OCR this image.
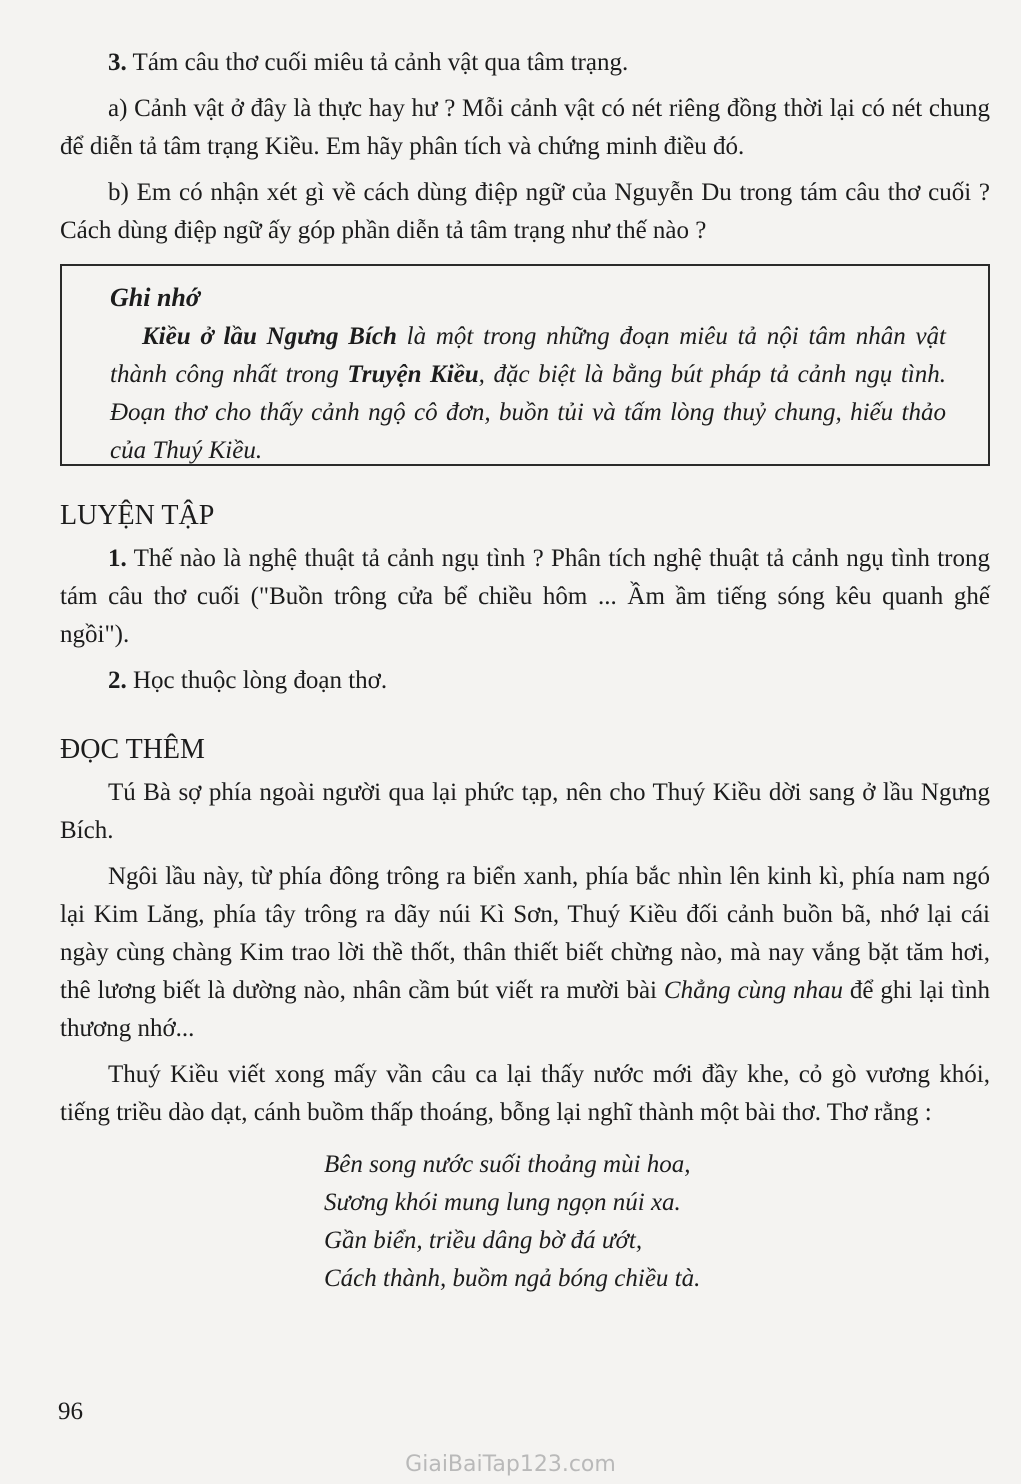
3. Tám câu thơ cuối miêu tả cảnh vật qua tâm trạng.

a) Cảnh vật ở đây là thực hay hư ? Mỗi cảnh vật có nét riêng đồng thời lại có nét chung để diễn tả tâm trạng Kiều. Em hãy phân tích và chứng minh điều đó.

b) Em có nhận xét gì về cách dùng điệp ngữ của Nguyễn Du trong tám câu thơ cuối ? Cách dùng điệp ngữ ấy góp phần diễn tả tâm trạng như thế nào ?

Ghi nhớ
Kiều ở lầu Ngưng Bích là một trong những đoạn miêu tả nội tâm nhân vật thành công nhất trong Truyện Kiều, đặc biệt là bằng bút pháp tả cảnh ngụ tình. Đoạn thơ cho thấy cảnh ngộ cô đơn, buồn tủi và tấm lòng thuỷ chung, hiếu thảo của Thuý Kiều.
LUYỆN TẬP

1. Thế nào là nghệ thuật tả cảnh ngụ tình ? Phân tích nghệ thuật tả cảnh ngụ tình trong tám câu thơ cuối ("Buồn trông cửa bể chiều hôm ... Ầm ầm tiếng sóng kêu quanh ghế ngồi").

2. Học thuộc lòng đoạn thơ.

ĐỌC THÊM

Tú Bà sợ phía ngoài người qua lại phức tạp, nên cho Thuý Kiều dời sang ở lầu Ngưng Bích.

Ngôi lầu này, từ phía đông trông ra biển xanh, phía bắc nhìn lên kinh kì, phía nam ngó lại Kim Lăng, phía tây trông ra dãy núi Kì Sơn, Thuý Kiều đối cảnh buồn bã, nhớ lại cái ngày cùng chàng Kim trao lời thề thốt, thân thiết biết chừng nào, mà nay vắng bặt tăm hơi, thê lương biết là dường nào, nhân cầm bút viết ra mười bài Chẳng cùng nhau để ghi lại tình thương nhớ...

Thuý Kiều viết xong mấy vần câu ca lại thấy nước mới đầy khe, cỏ gò vương khói, tiếng triều dào dạt, cánh buồm thấp thoáng, bỗng lại nghĩ thành một bài thơ. Thơ rằng :

Bên song nước suối thoảng mùi hoa,
Sương khói mung lung ngọn núi xa.
Gần biển, triều dâng bờ đá ướt,
Cách thành, buồm ngả bóng chiều tà.
96
GiaiBaiTap123.com
